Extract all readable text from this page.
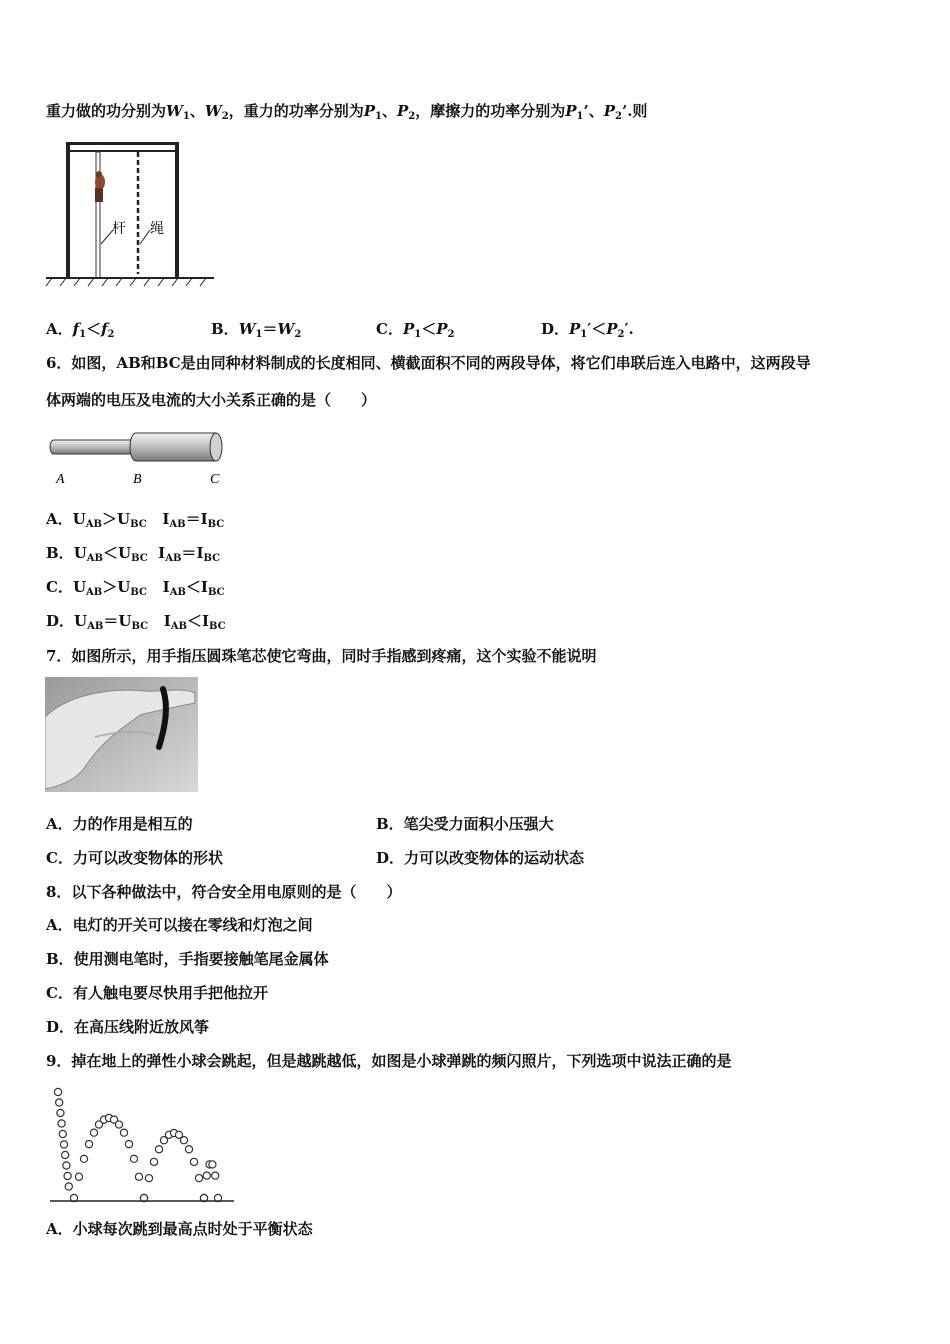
重力做的功分别为$W_1$、$W_2$，重力的功率分别为$P_1$、$P_2$，摩擦力的功率分别为$P_1$’、$P_2$’.则
杆 绳
A．$f_1<f_2$	B．$W_1=W_2$	C．$P_1<P_2$	D．$P_1'<P_2'$.
6．如图，AB和BC是由同种材料制成的长度相同、横截面积不同的两段导体，将它们串联后连入电路中，这两段导
体两端的电压及电流的大小关系正确的是（　　）
A	B	C
A．$U_{AB}>U_{BC}$ $I_{AB}=I_{BC}$
B．$U_{AB}<U_{BC}$ $I_{AB}=I_{BC}$
C．$U_{AB}>U_{BC}$ $I_{AB}<I_{BC}$
D．$U_{AB}=U_{BC}$ $I_{AB}<I_{BC}$
7．如图所示，用手指压圆珠笔芯使它弯曲，同时手指感到疼痛，这个实验不能说明
A．力的作用是相互的	B．笔尖受力面积小压强大
C．力可以改变物体的形状	D．力可以改变物体的运动状态
8．以下各种做法中，符合安全用电原则的是（　　）
A．电灯的开关可以接在零线和灯泡之间
B．使用测电笔时，手指要接触笔尾金属体
C．有人触电要尽快用手把他拉开
D．在高压线附近放风筝
9．掉在地上的弹性小球会跳起，但是越跳越低，如图是小球弹跳的频闪照片，下列选项中说法正确的是
A．小球每次跳到最高点时处于平衡状态
